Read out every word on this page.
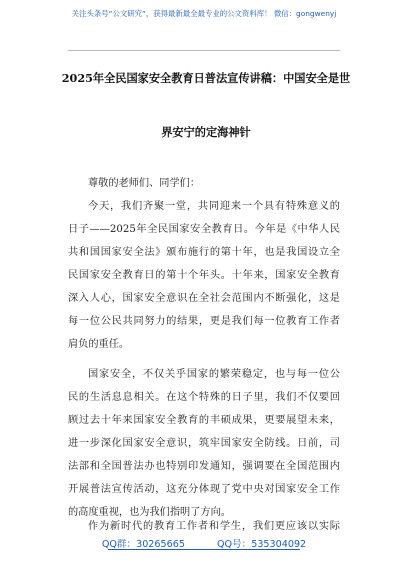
关注头条号“公文研究”，获得最新最全最专业的公文资料库！ 微信：gongwenyj
2025年全民国家安全教育日普法宣传讲稿：中国安全是世
界安宁的定海神针
尊敬的老师们、同学们：
今天，我们齐聚一堂，共同迎来一个具有特殊意义的
日子——2025年全民国家安全教育日。今年是《中华人民
共和国国家安全法》颁布施行的第十年，也是我国设立全
民国家安全教育日的第十个年头。十年来，国家安全教育
深入人心，国家安全意识在全社会范围内不断强化，这是
每一位公民共同努力的结果，更是我们每一位教育工作者
肩负的重任。
国家安全，不仅关乎国家的繁荣稳定，也与每一位公
民的生活息息相关。在这个特殊的日子里，我们不仅要回
顾过去十年来国家安全教育的丰硕成果，更要展望未来，
进一步深化国家安全意识，筑牢国家安全防线。日前，司
法部和全国普法办也特别印发通知，强调要在全国范围内
开展普法宣传活动，这充分体现了党中央对国家安全工作
的高度重视，也为我们指明了方向。
作为新时代的教育工作者和学生，我们更应该以实际
QQ群：30265665	QQ号：535304092
